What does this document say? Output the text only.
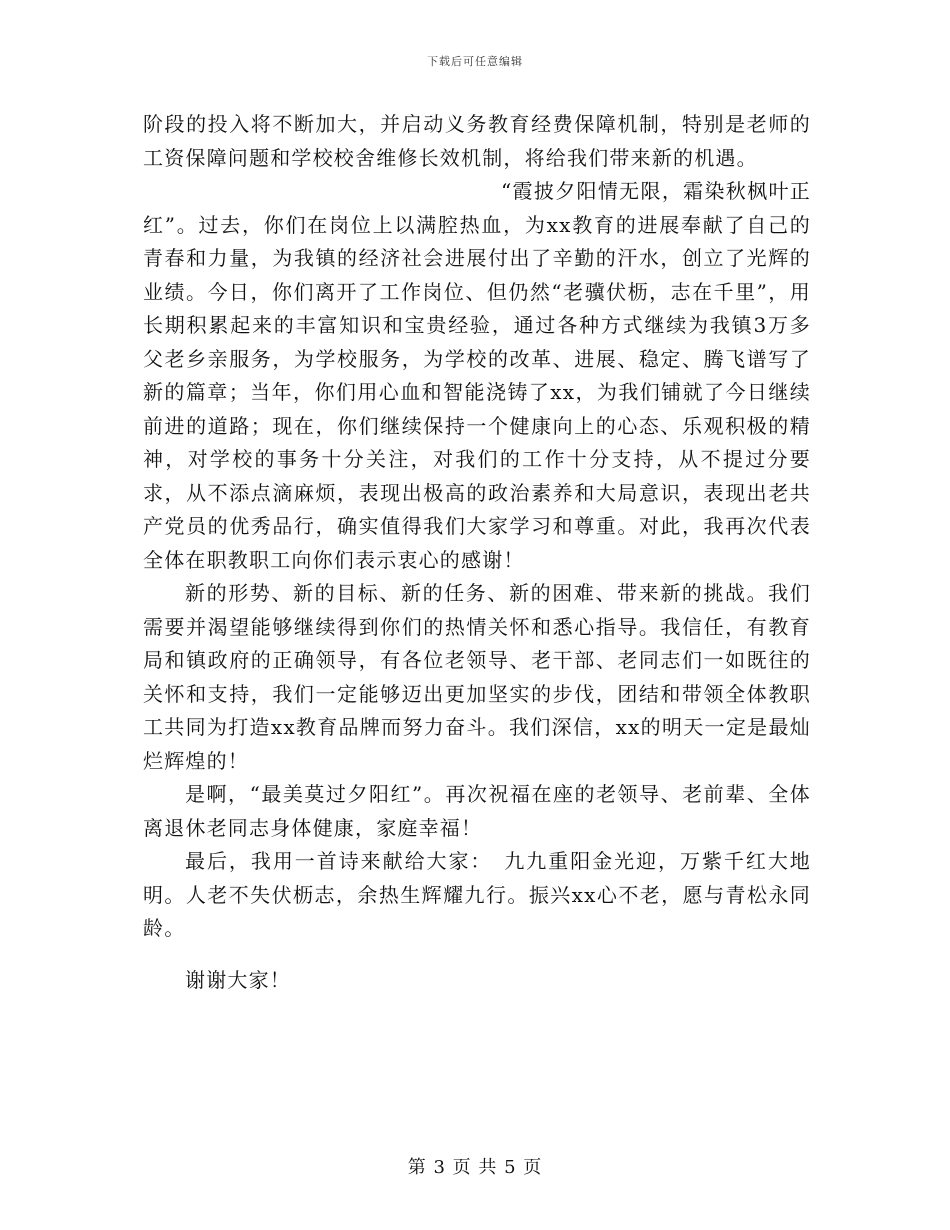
下载后可任意编辑

阶段的投入将不断加大，并启动义务教育经费保障机制，特别是老师的工资保障问题和学校校舍维修长效机制，将给我们带来新的机遇。

“霞披夕阳情无限，霜染秋枫叶正红”。过去，你们在岗位上以满腔热血，为xx教育的进展奉献了自己的青春和力量，为我镇的经济社会进展付出了辛勤的汗水，创立了光辉的业绩。今日，你们离开了工作岗位、但仍然“老骥伏枥，志在千里”，用长期积累起来的丰富知识和宝贵经验，通过各种方式继续为我镇3万多父老乡亲服务，为学校服务，为学校的改革、进展、稳定、腾飞谱写了新的篇章；当年，你们用心血和智能浇铸了xx，为我们铺就了今日继续前进的道路；现在，你们继续保持一个健康向上的心态、乐观积极的精神，对学校的事务十分关注，对我们的工作十分支持，从不提过分要求，从不添点滴麻烦，表现出极高的政治素养和大局意识，表现出老共产党员的优秀品行，确实值得我们大家学习和尊重。对此，我再次代表全体在职教职工向你们表示衷心的感谢！

新的形势、新的目标、新的任务、新的困难、带来新的挑战。我们需要并渴望能够继续得到你们的热情关怀和悉心指导。我信任，有教育局和镇政府的正确领导，有各位老领导、老干部、老同志们一如既往的关怀和支持，我们一定能够迈出更加坚实的步伐，团结和带领全体教职工共同为打造xx教育品牌而努力奋斗。我们深信，xx的明天一定是最灿烂辉煌的！

是啊，“最美莫过夕阳红”。再次祝福在座的老领导、老前辈、全体离退休老同志身体健康，家庭幸福！

最后，我用一首诗来献给大家：　九九重阳金光迎，万紫千红大地明。人老不失伏枥志，余热生辉耀九行。振兴xx心不老，愿与青松永同龄。

谢谢大家！

第 3 页 共 5 页
